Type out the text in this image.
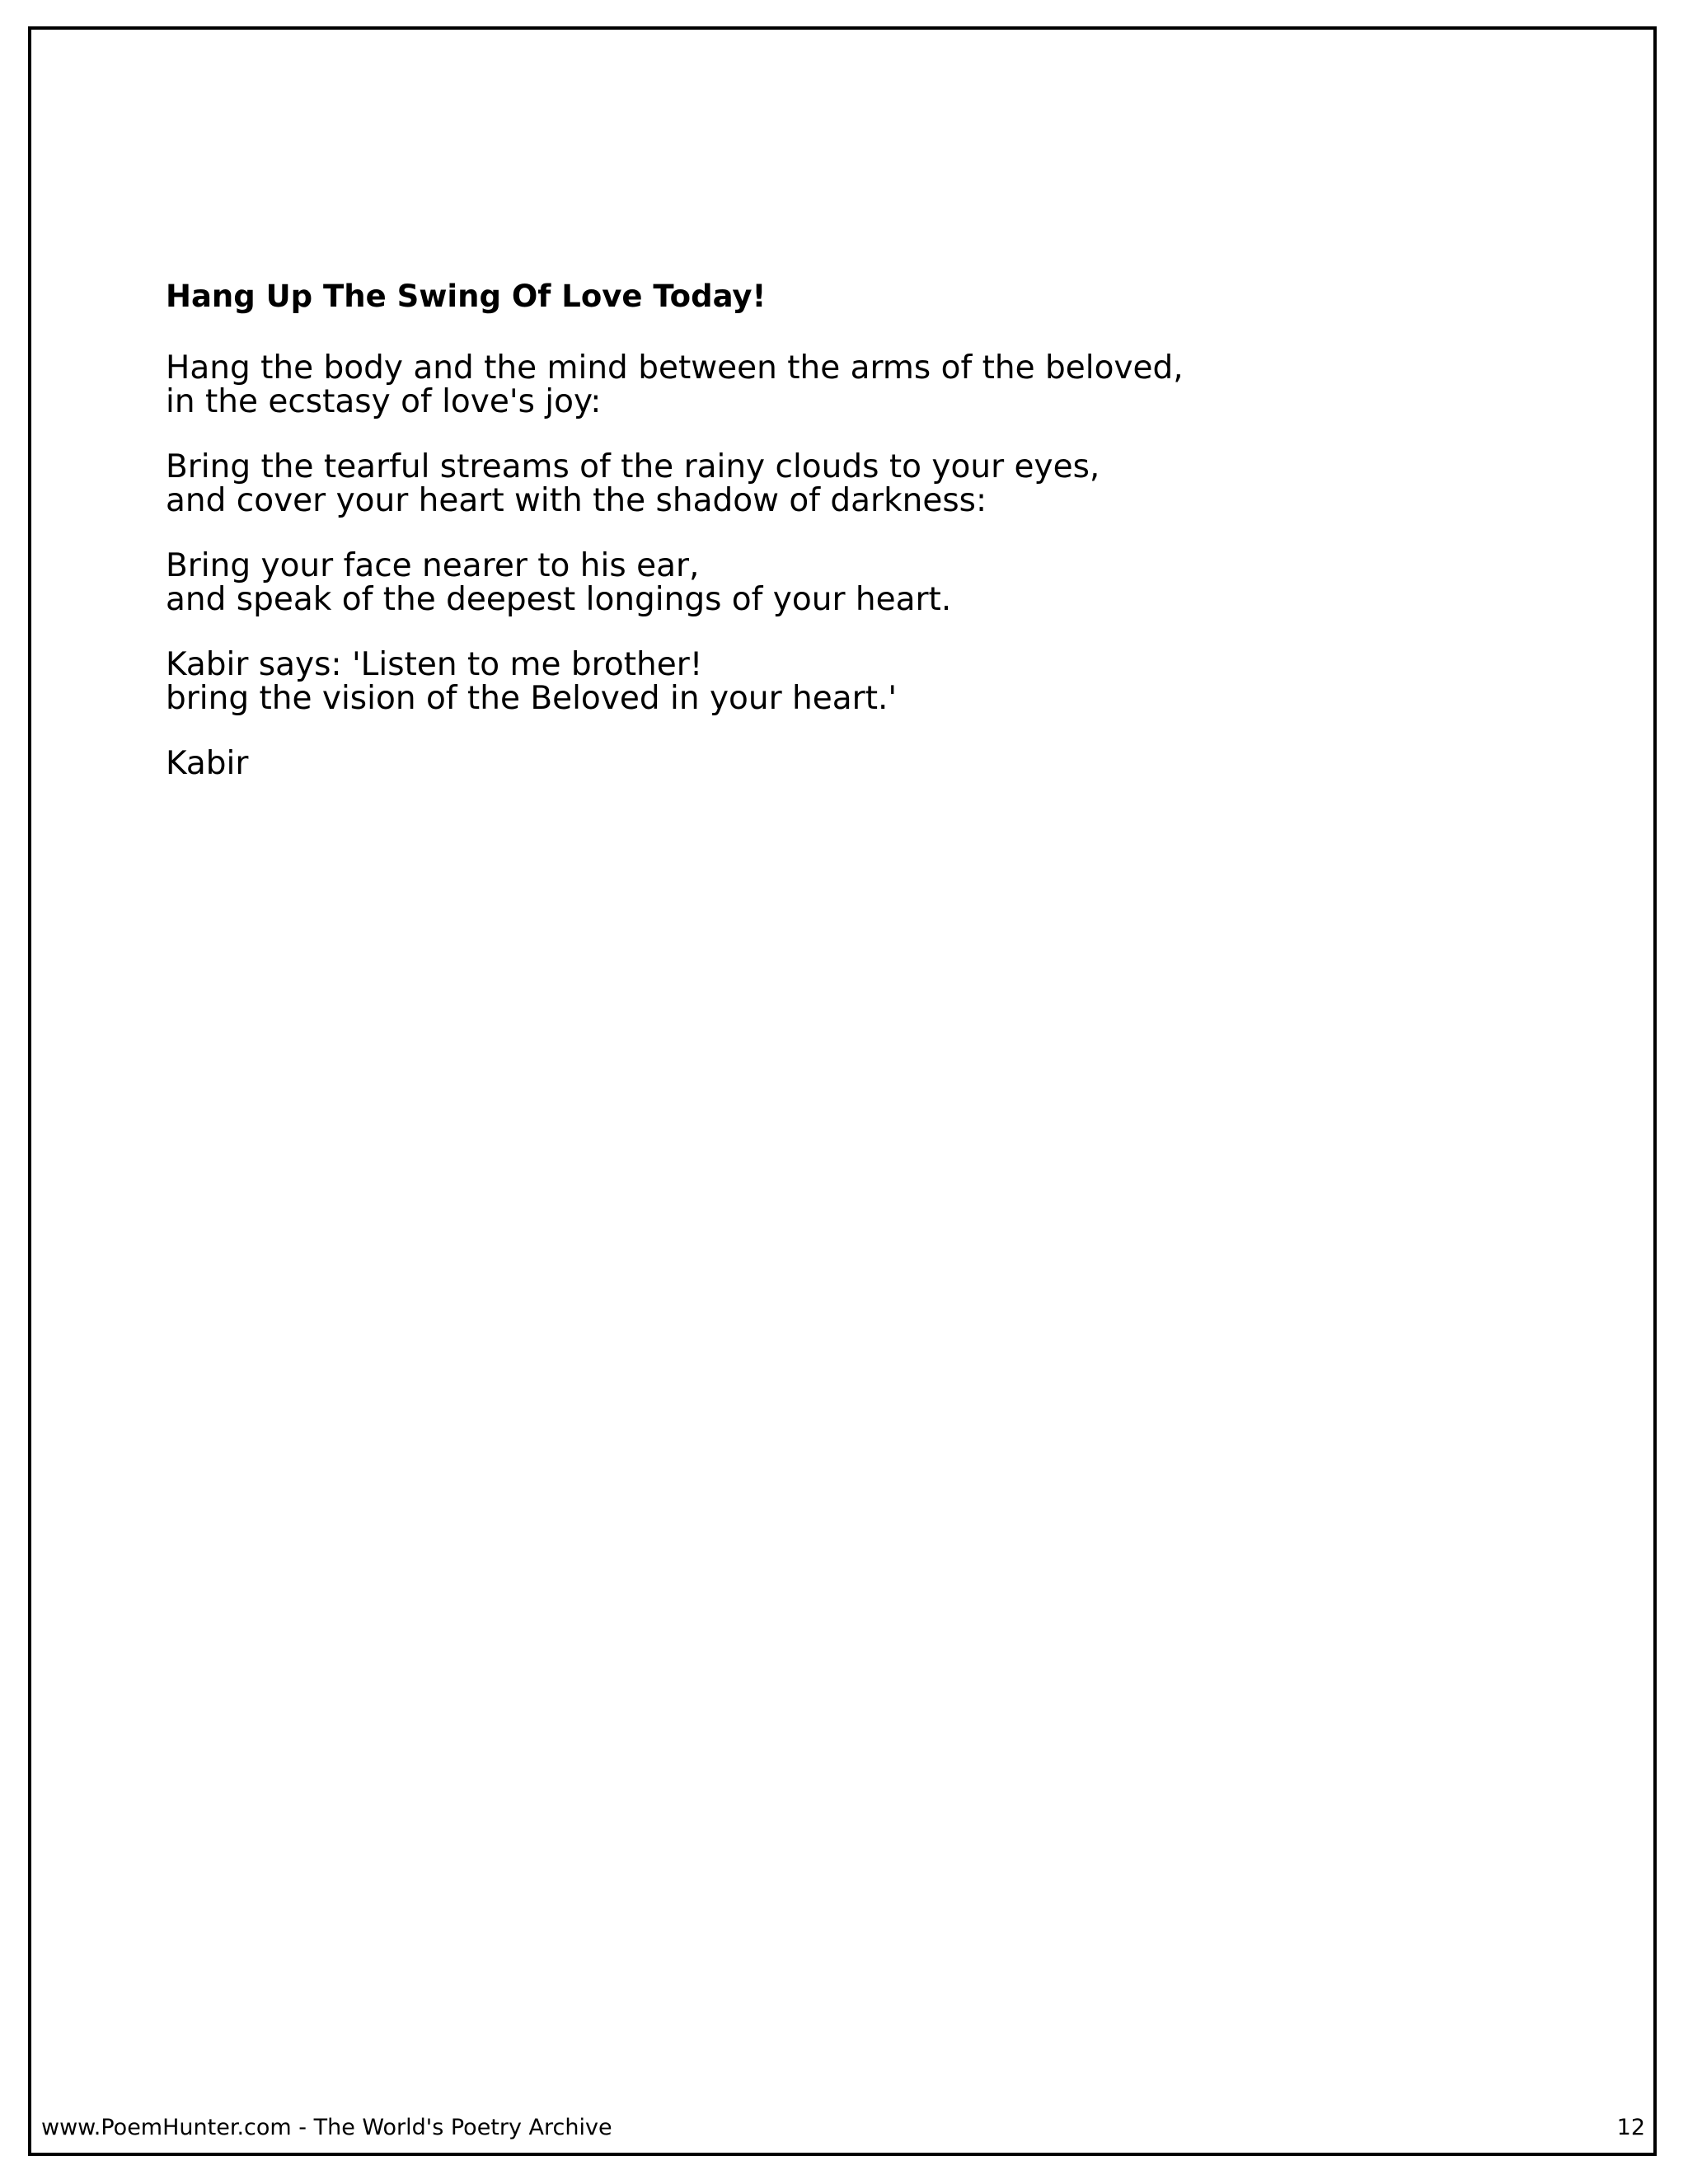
Hang Up The Swing Of Love Today!
Hang the body and the mind between the arms of the beloved,
in the ecstasy of love's joy:
Bring the tearful streams of the rainy clouds to your eyes,
and cover your heart with the shadow of darkness:
Bring your face nearer to his ear,
and speak of the deepest longings of your heart.
Kabir says: 'Listen to me brother!
bring the vision of the Beloved in your heart.'

Kabir

www.PoemHunter.com - The World's Poetry Archive	12
